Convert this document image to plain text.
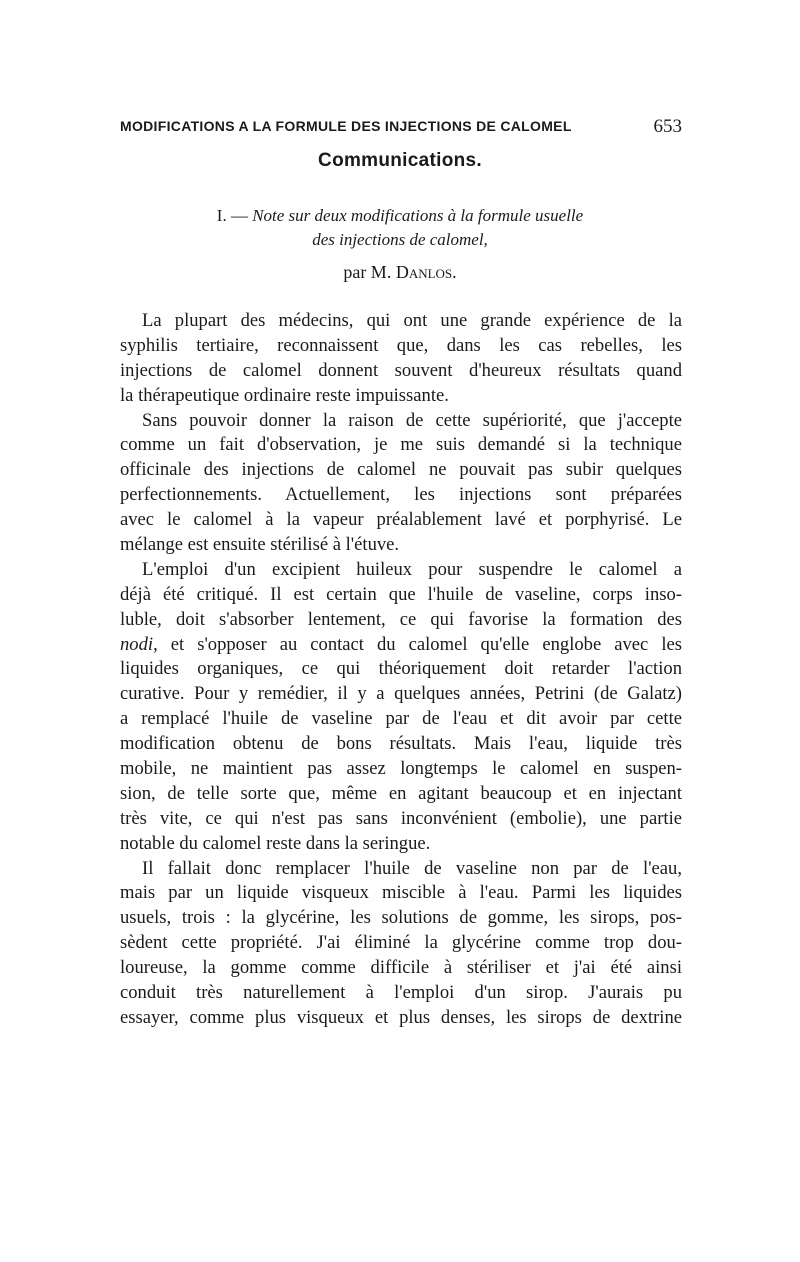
MODIFICATIONS A LA FORMULE DES INJECTIONS DE CALOMEL	653
Communications.
I. — Note sur deux modifications à la formule usuelle
des injections de calomel,
par M. Danlos.
La plupart des médecins, qui ont une grande expérience de la
syphilis tertiaire, reconnaissent que, dans les cas rebelles, les
injections de calomel donnent souvent d'heureux résultats quand
la thérapeutique ordinaire reste impuissante.
Sans pouvoir donner la raison de cette supériorité, que j'accepte
comme un fait d'observation, je me suis demandé si la technique
officinale des injections de calomel ne pouvait pas subir quelques
perfectionnements. Actuellement, les injections sont préparées
avec le calomel à la vapeur préalablement lavé et porphyrisé. Le
mélange est ensuite stérilisé à l'étuve.
L'emploi d'un excipient huileux pour suspendre le calomel a
déjà été critiqué. Il est certain que l'huile de vaseline, corps inso-
luble, doit s'absorber lentement, ce qui favorise la formation des
nodi, et s'opposer au contact du calomel qu'elle englobe avec les
liquides organiques, ce qui théoriquement doit retarder l'action
curative. Pour y remédier, il y a quelques années, Petrini (de Galatz)
a remplacé l'huile de vaseline par de l'eau et dit avoir par cette
modification obtenu de bons résultats. Mais l'eau, liquide très
mobile, ne maintient pas assez longtemps le calomel en suspen-
sion, de telle sorte que, même en agitant beaucoup et en injectant
très vite, ce qui n'est pas sans inconvénient (embolie), une partie
notable du calomel reste dans la seringue.
Il fallait donc remplacer l'huile de vaseline non par de l'eau,
mais par un liquide visqueux miscible à l'eau. Parmi les liquides
usuels, trois : la glycérine, les solutions de gomme, les sirops, pos-
sèdent cette propriété. J'ai éliminé la glycérine comme trop dou-
loureuse, la gomme comme difficile à stériliser et j'ai été ainsi
conduit très naturellement à l'emploi d'un sirop. J'aurais pu
essayer, comme plus visqueux et plus denses, les sirops de dextrine
